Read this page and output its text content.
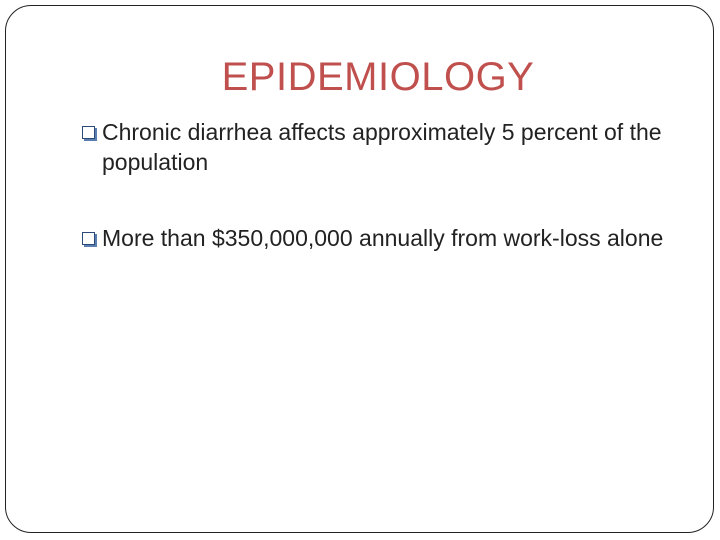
EPIDEMIOLOGY
Chronic diarrhea affects approximately 5 percent of the population
More than $350,000,000 annually from work-loss alone
